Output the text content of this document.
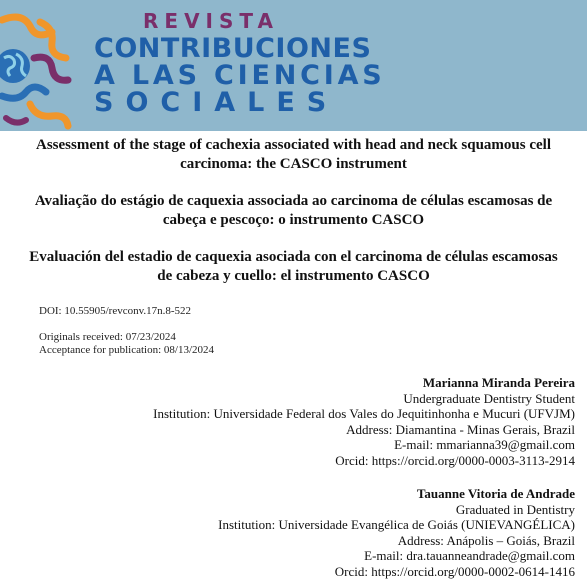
REVISTA
CONTRIBUCIONES
A LAS CIENCIAS
SOCIALES
Assessment of the stage of cachexia associated with head and neck squamous cell carcinoma: the CASCO instrument
Avaliação do estágio de caquexia associada ao carcinoma de células escamosas de cabeça e pescoço: o instrumento CASCO
Evaluación del estadio de caquexia asociada con el carcinoma de células escamosas de cabeza y cuello: el instrumento CASCO
DOI: 10.55905/revconv.17n.8-522
Originals received: 07/23/2024
Acceptance for publication: 08/13/2024
Marianna Miranda Pereira
Undergraduate Dentistry Student
Institution: Universidade Federal dos Vales do Jequitinhonha e Mucuri (UFVJM)
Address: Diamantina - Minas Gerais, Brazil
E-mail: mmarianna39@gmail.com
Orcid: https://orcid.org/0000-0003-3113-2914
Tauanne Vitoria de Andrade
Graduated in Dentistry
Institution: Universidade Evangélica de Goiás (UNIEVANGÉLICA)
Address: Anápolis – Goiás, Brazil
E-mail: dra.tauanneandrade@gmail.com
Orcid: https://orcid.org/0000-0002-0614-1416
